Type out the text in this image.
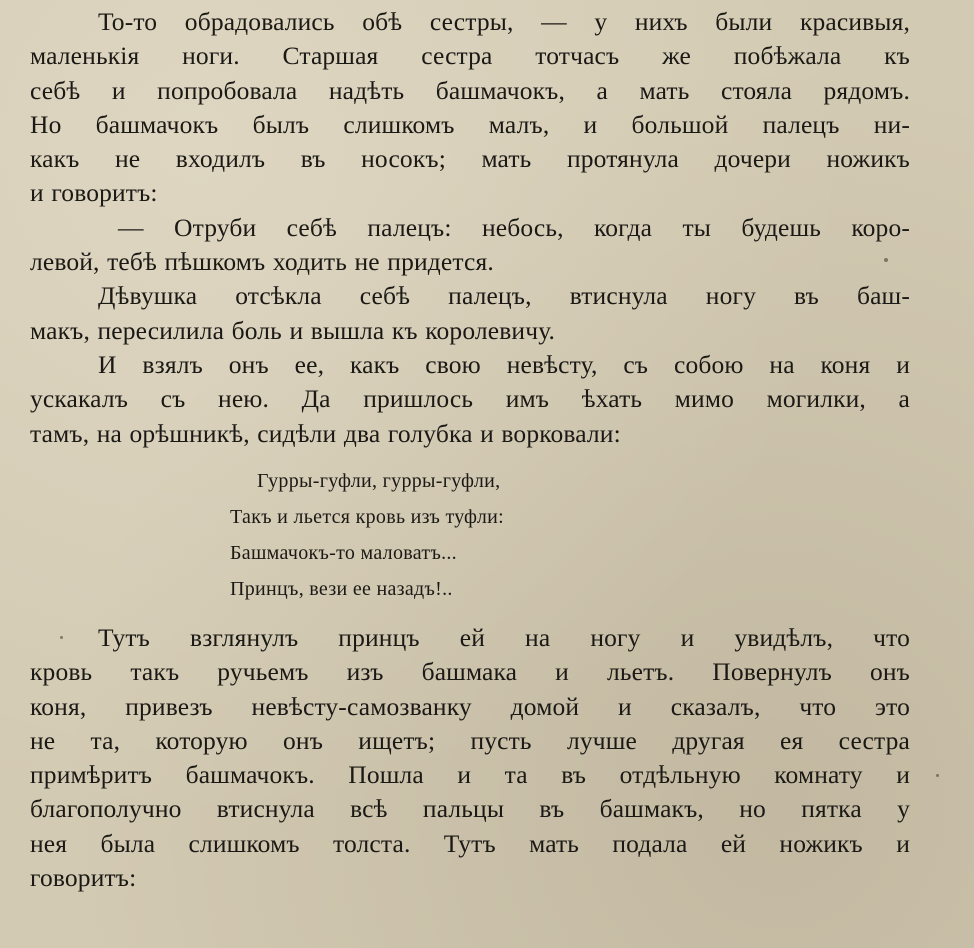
То-то обрадовались обѣ сестры, — у нихъ были красивыя,
маленькія ноги. Старшая сестра тотчасъ же побѣжала къ
себѣ и попробовала надѣть башмачокъ, а мать стояла рядомъ.
Но башмачокъ былъ слишкомъ малъ, и большой палецъ ни-
какъ не входилъ въ носокъ; мать протянула дочери ножикъ
и говоритъ:

— Отруби себѣ палецъ: небось, когда ты будешь коро-
левой, тебѣ пѣшкомъ ходить не придется.

Дѣвушка отсѣкла себѣ палецъ, втиснула ногу въ баш-
макъ, пересилила боль и вышла къ королевичу.

И взялъ онъ ее, какъ свою невѣсту, съ собою на коня и
ускакалъ съ нею. Да пришлось имъ ѣхать мимо могилки, а
тамъ, на орѣшникѣ, сидѣли два голубка и ворковали:

Гурры-гуфли, гурры-гуфли,
Такъ и льется кровь изъ туфли:
Башмачокъ-то маловатъ...
Принцъ, вези ее назадъ!..

Тутъ взглянулъ принцъ ей на ногу и увидѣлъ, что
кровь такъ ручьемъ изъ башмака и льетъ. Повернулъ онъ
коня, привезъ невѣсту-самозванку домой и сказалъ, что это
не та, которую онъ ищетъ; пусть лучше другая ея сестра
примѣритъ башмачокъ. Пошла и та въ отдѣльную комнату и
благополучно втиснула всѣ пальцы въ башмакъ, но пятка у
нея была слишкомъ толста. Тутъ мать подала ей ножикъ и
говоритъ:
